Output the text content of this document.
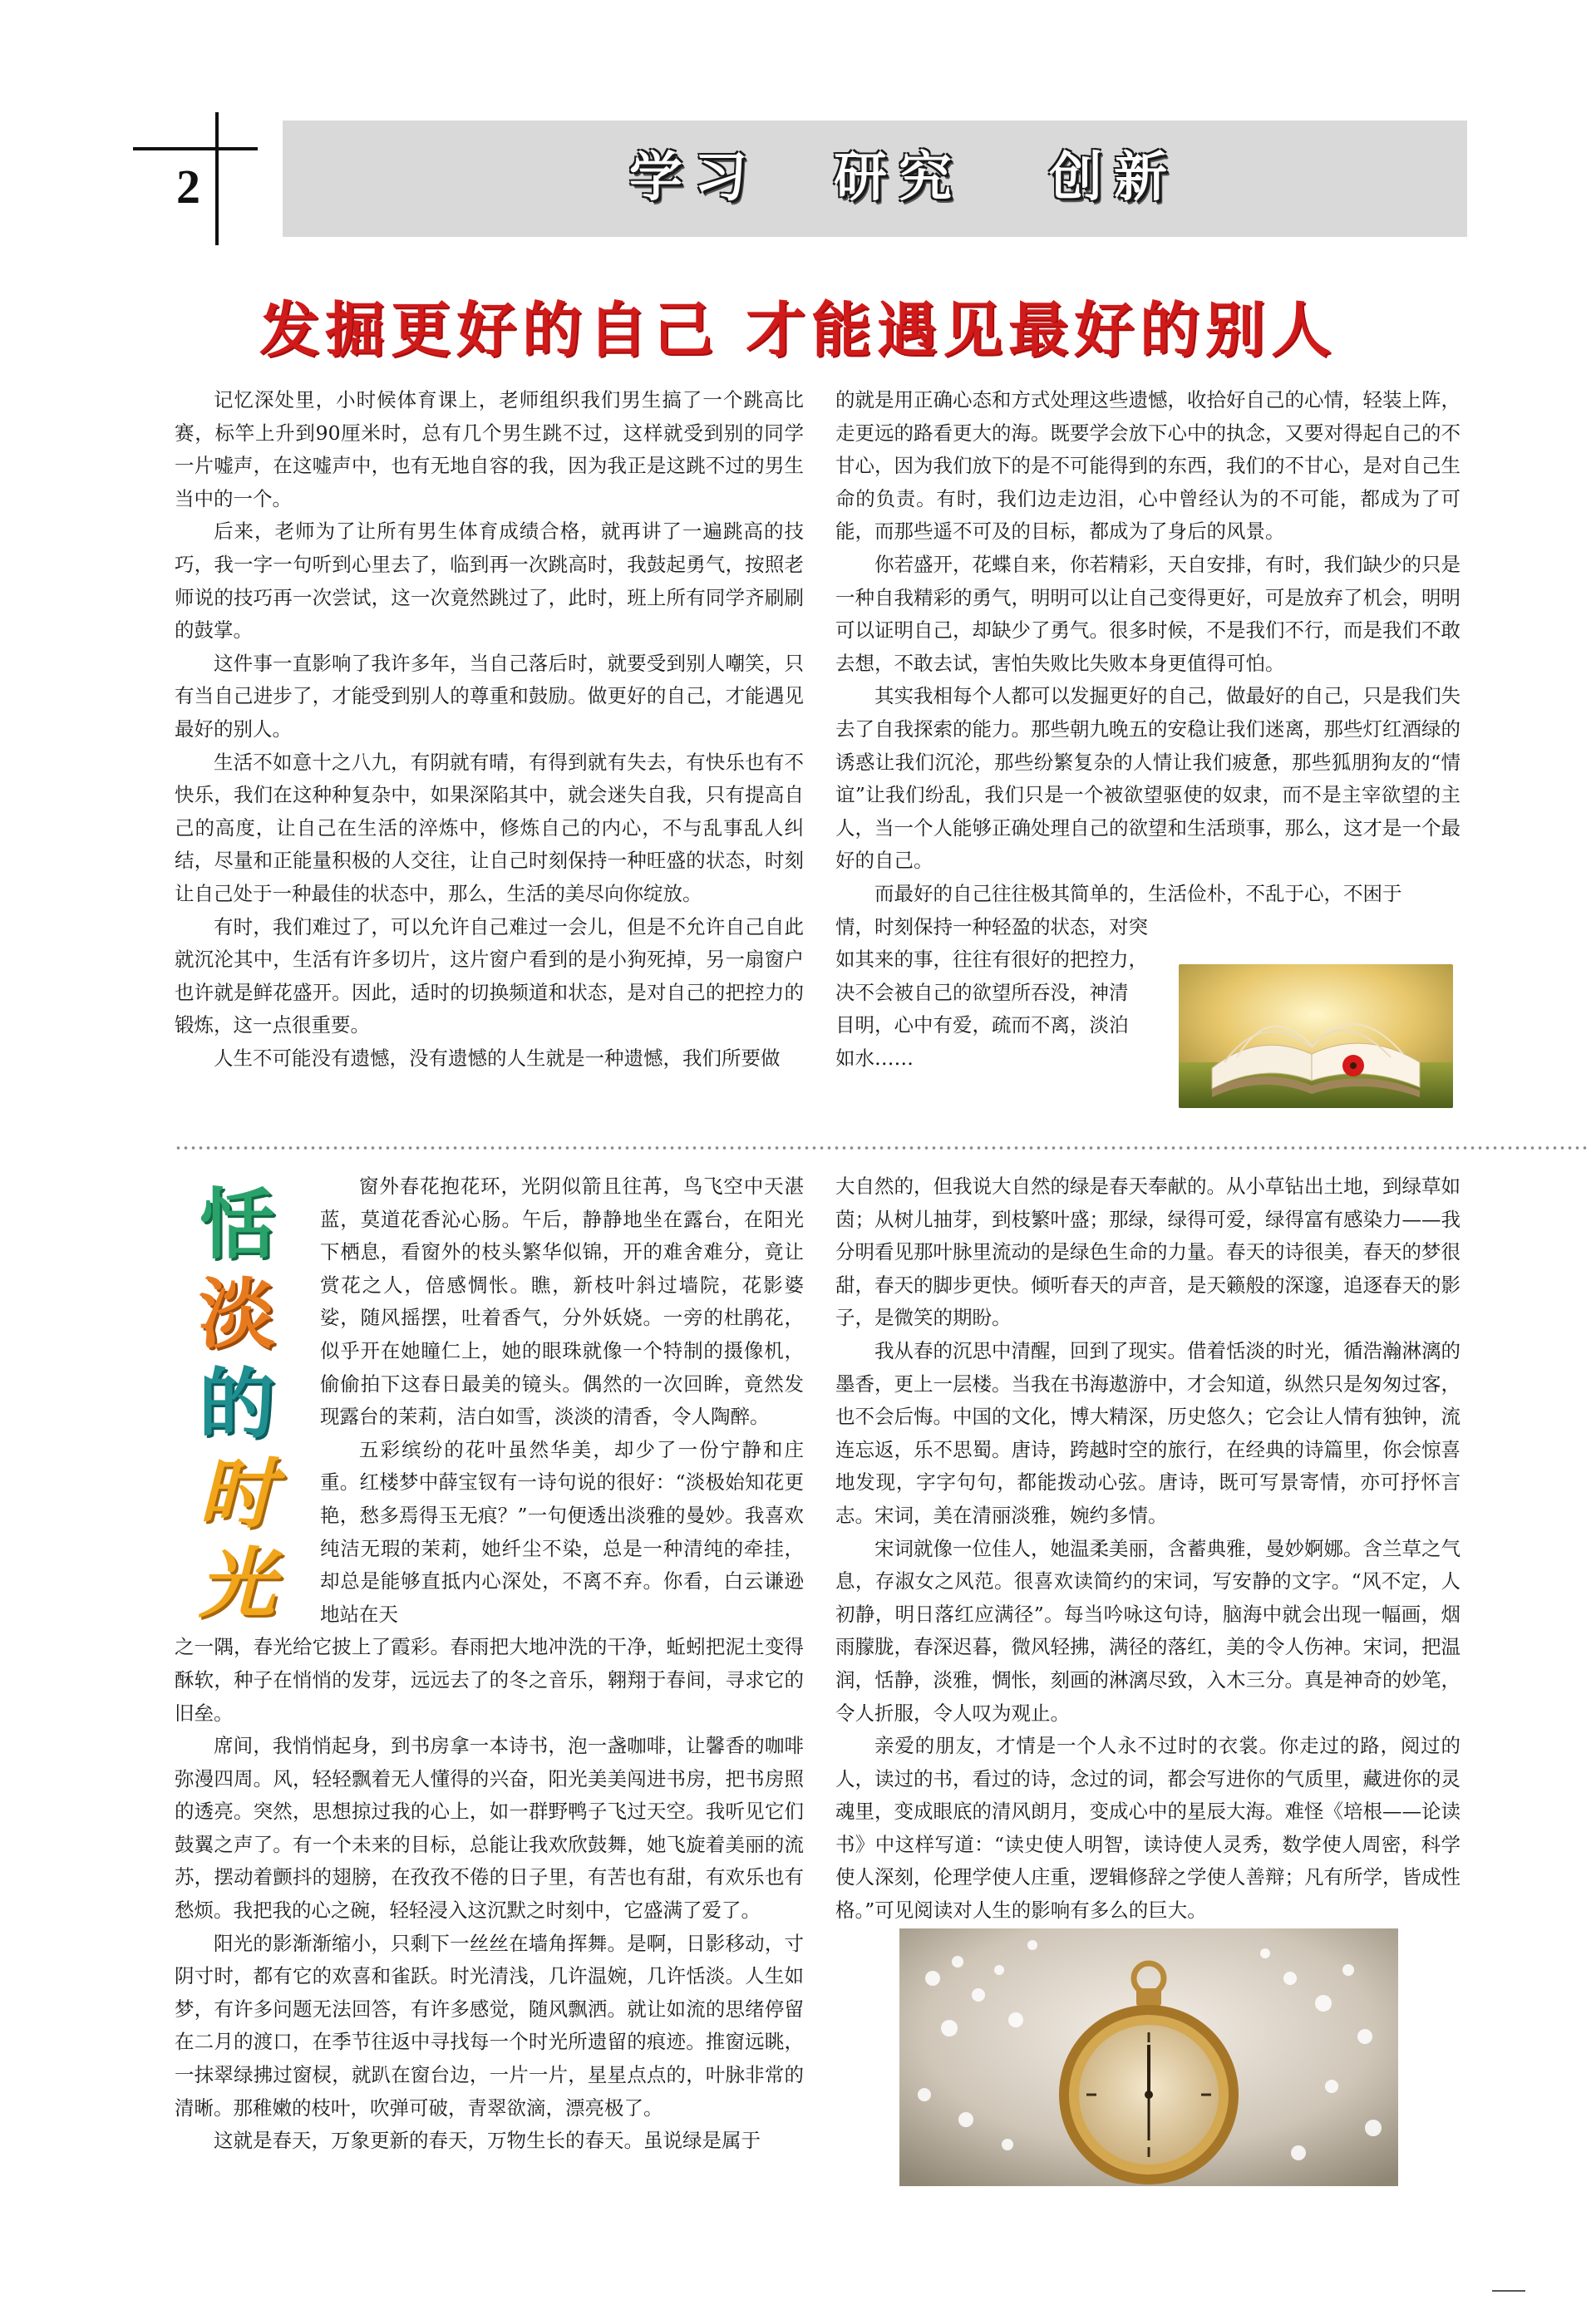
2	学习 研究 创新
发掘更好的自己 才能遇见最好的别人

记忆深处里，小时候体育课上，老师组织我们男生搞了一个跳高比赛，标竿上升到90厘米时，总有几个男生跳不过，这样就受到别的同学一片嘘声，在这嘘声中，也有无地自容的我，因为我正是这跳不过的男生当中的一个。

后来，老师为了让所有男生体育成绩合格，就再讲了一遍跳高的技巧，我一字一句听到心里去了，临到再一次跳高时，我鼓起勇气，按照老师说的技巧再一次尝试，这一次竟然跳过了，此时，班上所有同学齐刷刷的鼓掌。

这件事一直影响了我许多年，当自己落后时，就要受到别人嘲笑，只有当自己进步了，才能受到别人的尊重和鼓励。做更好的自己，才能遇见最好的别人。

生活不如意十之八九，有阴就有晴，有得到就有失去，有快乐也有不快乐，我们在这种种复杂中，如果深陷其中，就会迷失自我，只有提高自己的高度，让自己在生活的淬炼中，修炼自己的内心，不与乱事乱人纠结，尽量和正能量积极的人交往，让自己时刻保持一种旺盛的状态，时刻让自己处于一种最佳的状态中，那么，生活的美尽向你绽放。

有时，我们难过了，可以允许自己难过一会儿，但是不允许自己自此就沉沦其中，生活有许多切片，这片窗户看到的是小狗死掉，另一扇窗户也许就是鲜花盛开。因此，适时的切换频道和状态，是对自己的把控力的锻炼，这一点很重要。

人生不可能没有遗憾，没有遗憾的人生就是一种遗憾，我们所要做

的就是用正确心态和方式处理这些遗憾，收拾好自己的心情，轻装上阵，走更远的路看更大的海。既要学会放下心中的执念，又要对得起自己的不甘心，因为我们放下的是不可能得到的东西，我们的不甘心，是对自己生命的负责。有时，我们边走边泪，心中曾经认为的不可能，都成为了可能，而那些遥不可及的目标，都成为了身后的风景。

你若盛开，花蝶自来，你若精彩，天自安排，有时，我们缺少的只是一种自我精彩的勇气，明明可以让自己变得更好，可是放弃了机会，明明可以证明自己，却缺少了勇气。很多时候，不是我们不行，而是我们不敢去想，不敢去试，害怕失败比失败本身更值得可怕。

其实我相每个人都可以发掘更好的自己，做最好的自己，只是我们失去了自我探索的能力。那些朝九晚五的安稳让我们迷离，那些灯红酒绿的诱惑让我们沉沦，那些纷繁复杂的人情让我们疲惫，那些狐朋狗友的“情谊”让我们纷乱，我们只是一个被欲望驱使的奴隶，而不是主宰欲望的主人，当一个人能够正确处理自己的欲望和生活琐事，那么，这才是一个最好的自己。

而最好的自己往往极其简单的，生活俭朴，不乱于心，不困于

情，时刻保持一种轻盈的状态，对突

如其来的事，往往有很好的把控力，

决不会被自己的欲望所吞没，神清

目明，心中有爱，疏而不离，淡泊

如水……

恬
淡
的
时
光

窗外春花抱花环，光阴似箭且往苒，鸟飞空中天湛蓝，莫道花香沁心肠。午后，静静地坐在露台，在阳光下栖息，看窗外的枝头繁华似锦，开的难舍难分，竟让赏花之人，倍感惆怅。瞧，新枝叶斜过墙院，花影婆娑，随风摇摆，吐着香气，分外妖娆。一旁的杜鹃花，似乎开在她瞳仁上，她的眼珠就像一个特制的摄像机，偷偷拍下这春日最美的镜头。偶然的一次回眸，竟然发现露台的茉莉，洁白如雪，淡淡的清香，令人陶醉。

五彩缤纷的花叶虽然华美，却少了一份宁静和庄重。红楼梦中薛宝钗有一诗句说的很好：“淡极始知花更艳，愁多焉得玉无痕？”一句便透出淡雅的曼妙。我喜欢纯洁无瑕的茉莉，她纤尘不染，总是一种清纯的牵挂，却总是能够直抵内心深处，不离不弃。你看，白云谦逊地站在天

之一隅，春光给它披上了霞彩。春雨把大地冲洗的干净，蚯蚓把泥土变得酥软，种子在悄悄的发芽，远远去了的冬之音乐，翱翔于春间，寻求它的旧垒。

席间，我悄悄起身，到书房拿一本诗书，泡一盏咖啡，让馨香的咖啡弥漫四周。风，轻轻飘着无人懂得的兴奋，阳光美美闯进书房，把书房照的透亮。突然，思想掠过我的心上，如一群野鸭子飞过天空。我听见它们鼓翼之声了。有一个未来的目标，总能让我欢欣鼓舞，她飞旋着美丽的流苏，摆动着颤抖的翅膀，在孜孜不倦的日子里，有苦也有甜，有欢乐也有愁烦。我把我的心之碗，轻轻浸入这沉默之时刻中，它盛满了爱了。

阳光的影渐渐缩小，只剩下一丝丝在墙角挥舞。是啊，日影移动，寸阴寸时，都有它的欢喜和雀跃。时光清浅，几许温婉，几许恬淡。人生如梦，有许多问题无法回答，有许多感觉，随风飘洒。就让如流的思绪停留在二月的渡口，在季节往返中寻找每一个时光所遗留的痕迹。推窗远眺，一抹翠绿拂过窗棂，就趴在窗台边，一片一片，星星点点的，叶脉非常的清晰。那稚嫩的枝叶，吹弹可破，青翠欲滴，漂亮极了。

这就是春天，万象更新的春天，万物生长的春天。虽说绿是属于

大自然的，但我说大自然的绿是春天奉献的。从小草钻出土地，到绿草如茵；从树儿抽芽，到枝繁叶盛；那绿，绿得可爱，绿得富有感染力——我分明看见那叶脉里流动的是绿色生命的力量。春天的诗很美，春天的梦很甜，春天的脚步更快。倾听春天的声音，是天籁般的深邃，追逐春天的影子，是微笑的期盼。

我从春的沉思中清醒，回到了现实。借着恬淡的时光，循浩瀚淋漓的墨香，更上一层楼。当我在书海遨游中，才会知道，纵然只是匆匆过客，也不会后悔。中国的文化，博大精深，历史悠久；它会让人情有独钟，流连忘返，乐不思蜀。唐诗，跨越时空的旅行，在经典的诗篇里，你会惊喜地发现，字字句句，都能拨动心弦。唐诗，既可写景寄情，亦可抒怀言志。宋词，美在清丽淡雅，婉约多情。

宋词就像一位佳人，她温柔美丽，含蓄典雅，曼妙婀娜。含兰草之气息，存淑女之风范。很喜欢读简约的宋词，写安静的文字。“风不定，人初静，明日落红应满径”。每当吟咏这句诗，脑海中就会出现一幅画，烟雨朦胧，春深迟暮，微风轻拂，满径的落红，美的令人伤神。宋词，把温润，恬静，淡雅，惆怅，刻画的淋漓尽致，入木三分。真是神奇的妙笔，令人折服，令人叹为观止。

亲爱的朋友，才情是一个人永不过时的衣裳。你走过的路，阅过的人，读过的书，看过的诗，念过的词，都会写进你的气质里，藏进你的灵魂里，变成眼底的清风朗月，变成心中的星辰大海。难怪《培根——论读书》中这样写道：“读史使人明智，读诗使人灵秀，数学使人周密，科学使人深刻，伦理学使人庄重，逻辑修辞之学使人善辩；凡有所学，皆成性格。”可见阅读对人生的影响有多么的巨大。
